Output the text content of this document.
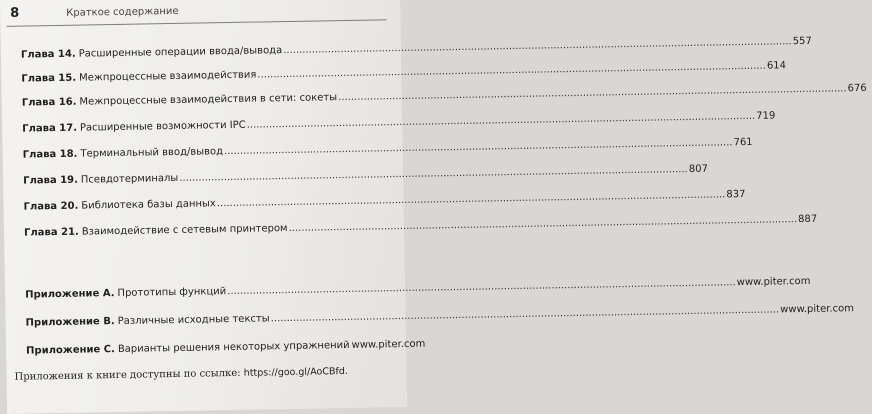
8	Краткое содержание
Глава 14. Расширенные операции ввода/вывода
.....
557
Глава 15. Межпроцессные взаимодействия
.....
614
Глава 16. Межпроцессные взаимодействия в сети: сокеты
.....
676
Глава 17. Расширенные возможности IPC
.....
719
Глава 18. Терминальный ввод/вывод
.....
761
Глава 19. Псевдотерминалы
.....
807
Глава 20. Библиотека базы данных
.....
837
Глава 21. Взаимодействие с сетевым принтером
.....
887
Приложение A. Прототипы функций
.....
www.piter.com
Приложение B. Различные исходные тексты
.....
www.piter.com
Приложение C. Варианты решения некоторых упражнений
..... www.piter.com
Приложения к книге доступны по ссылке: https://goo.gl/AoCBfd.
